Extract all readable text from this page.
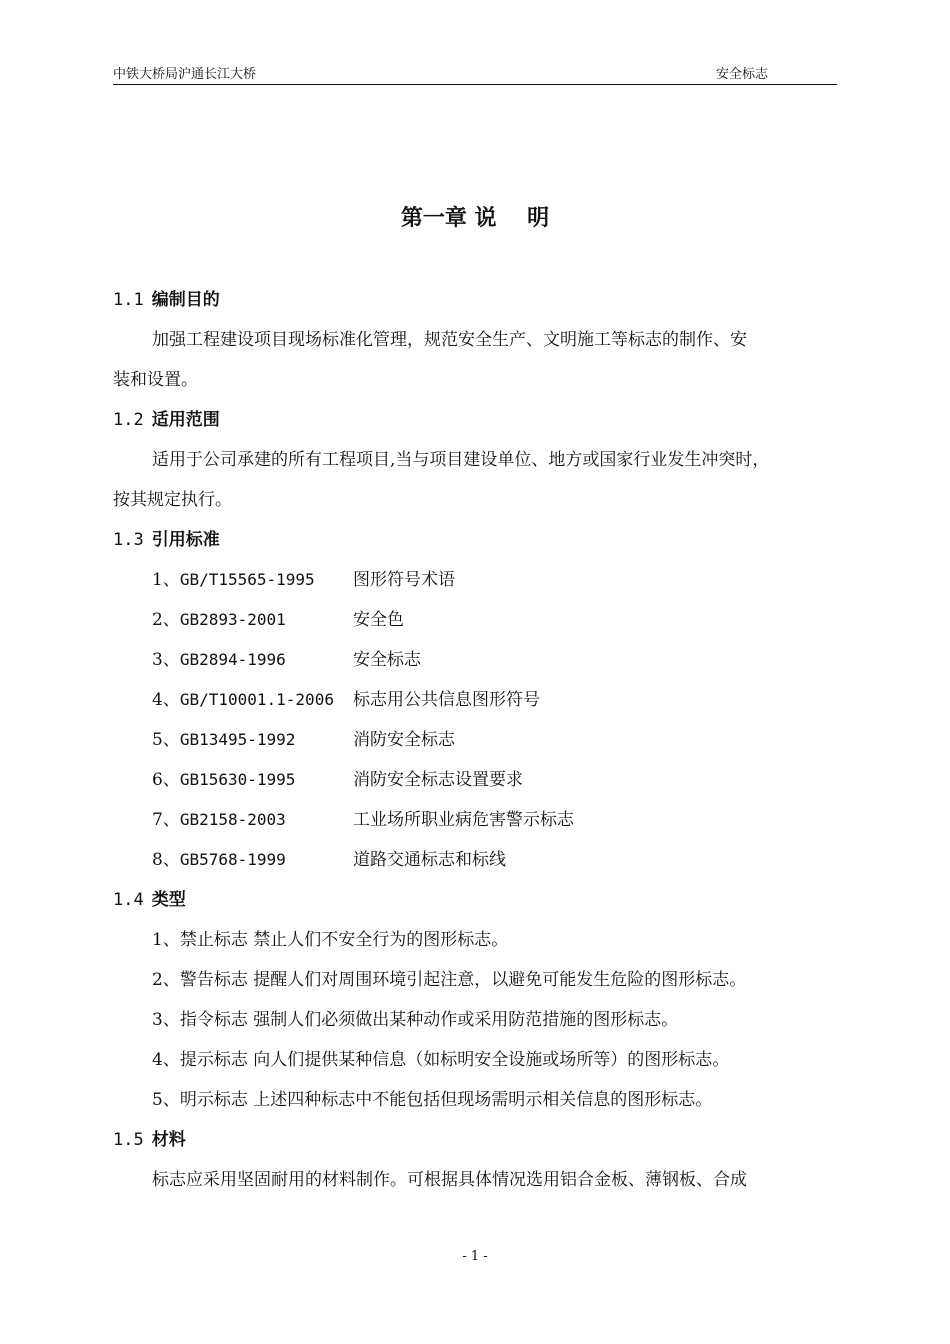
中铁大桥局沪通长江大桥	安全标志
第一章 说    明
1.1 编制目的
加强工程建设项目现场标准化管理，规范安全生产、文明施工等标志的制作、安
装和设置。
1.2 适用范围
适用于公司承建的所有工程项目,当与项目建设单位、地方或国家行业发生冲突时，
按其规定执行。
1.3 引用标准
1、GB/T15565-1995 图形符号术语
2、GB2893-2001	安全色
3、GB2894-1996	安全标志
4、GB/T10001.1-2006 标志用公共信息图形符号
5、GB13495-1992	消防安全标志
6、GB15630-1995	消防安全标志设置要求
7、GB2158-2003	工业场所职业病危害警示标志
8、GB5768-1999	道路交通标志和标线
1.4 类型
1、禁止标志 禁止人们不安全行为的图形标志。
2、警告标志 提醒人们对周围环境引起注意，以避免可能发生危险的图形标志。
3、指令标志 强制人们必须做出某种动作或采用防范措施的图形标志。
4、提示标志 向人们提供某种信息（如标明安全设施或场所等）的图形标志。
5、明示标志 上述四种标志中不能包括但现场需明示相关信息的图形标志。
1.5 材料
标志应采用坚固耐用的材料制作。可根据具体情况选用铝合金板、薄钢板、合成
- 1 -
